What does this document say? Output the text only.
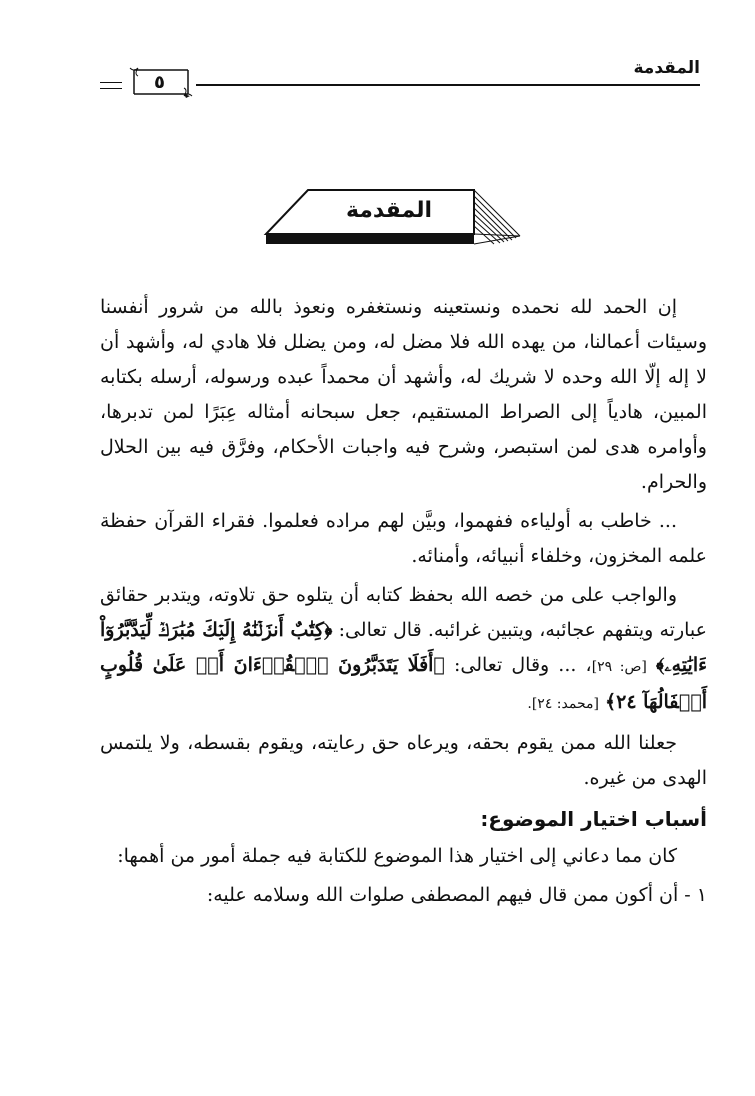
المقدمة
٥
المقدمة

إن الحمد لله نحمده ونستعينه ونستغفره ونعوذ بالله من شرور أنفسنا وسيئات أعمالنا، من يهده الله فلا مضل له، ومن يضلل فلا هادي له، وأشهد أن لا إله إلّا الله وحده لا شريك له، وأشهد أن محمداً عبده ورسوله، أرسله بكتابه المبين، هادياً إلى الصراط المستقيم، جعل سبحانه أمثاله عِبَرًا لمن تدبرها، وأوامره هدى لمن استبصر، وشرح فيه واجبات الأحكام، وفرَّق فيه بين الحلال والحرام.

... خاطب به أولياءه ففهموا، وبيَّن لهم مراده فعلموا. فقراء القرآن حفظة علمه المخزون، وخلفاء أنبيائه، وأمنائه.

والواجب على من خصه الله بحفظ كتابه أن يتلوه حق تلاوته، ويتدبر حقائق عبارته ويتفهم عجائبه، ويتبين غرائبه. قال تعالى: ﴿كِتَٰبٌ أَنزَلۡنَٰهُ إِلَيۡكَ مُبَٰرَكٞ لِّيَدَّبَّرُوٓاْ ءَايَٰتِهِۦ﴾ [ص: ٢٩]، ... وقال تعالى: ﴿أَفَلَا يَتَدَبَّرُونَ ٱلۡقُرۡءَانَ أَمۡ عَلَىٰ قُلُوبٍ أَقۡفَالُهَآ ٢٤﴾ [محمد: ٢٤].

جعلنا الله ممن يقوم بحقه، ويرعاه حق رعايته، ويقوم بقسطه، ولا يلتمس الهدى من غيره.

أسباب اختيار الموضوع:

كان مما دعاني إلى اختيار هذا الموضوع للكتابة فيه جملة أمور من أهمها:

١ - أن أكون ممن قال فيهم المصطفى صلوات الله وسلامه عليه:
